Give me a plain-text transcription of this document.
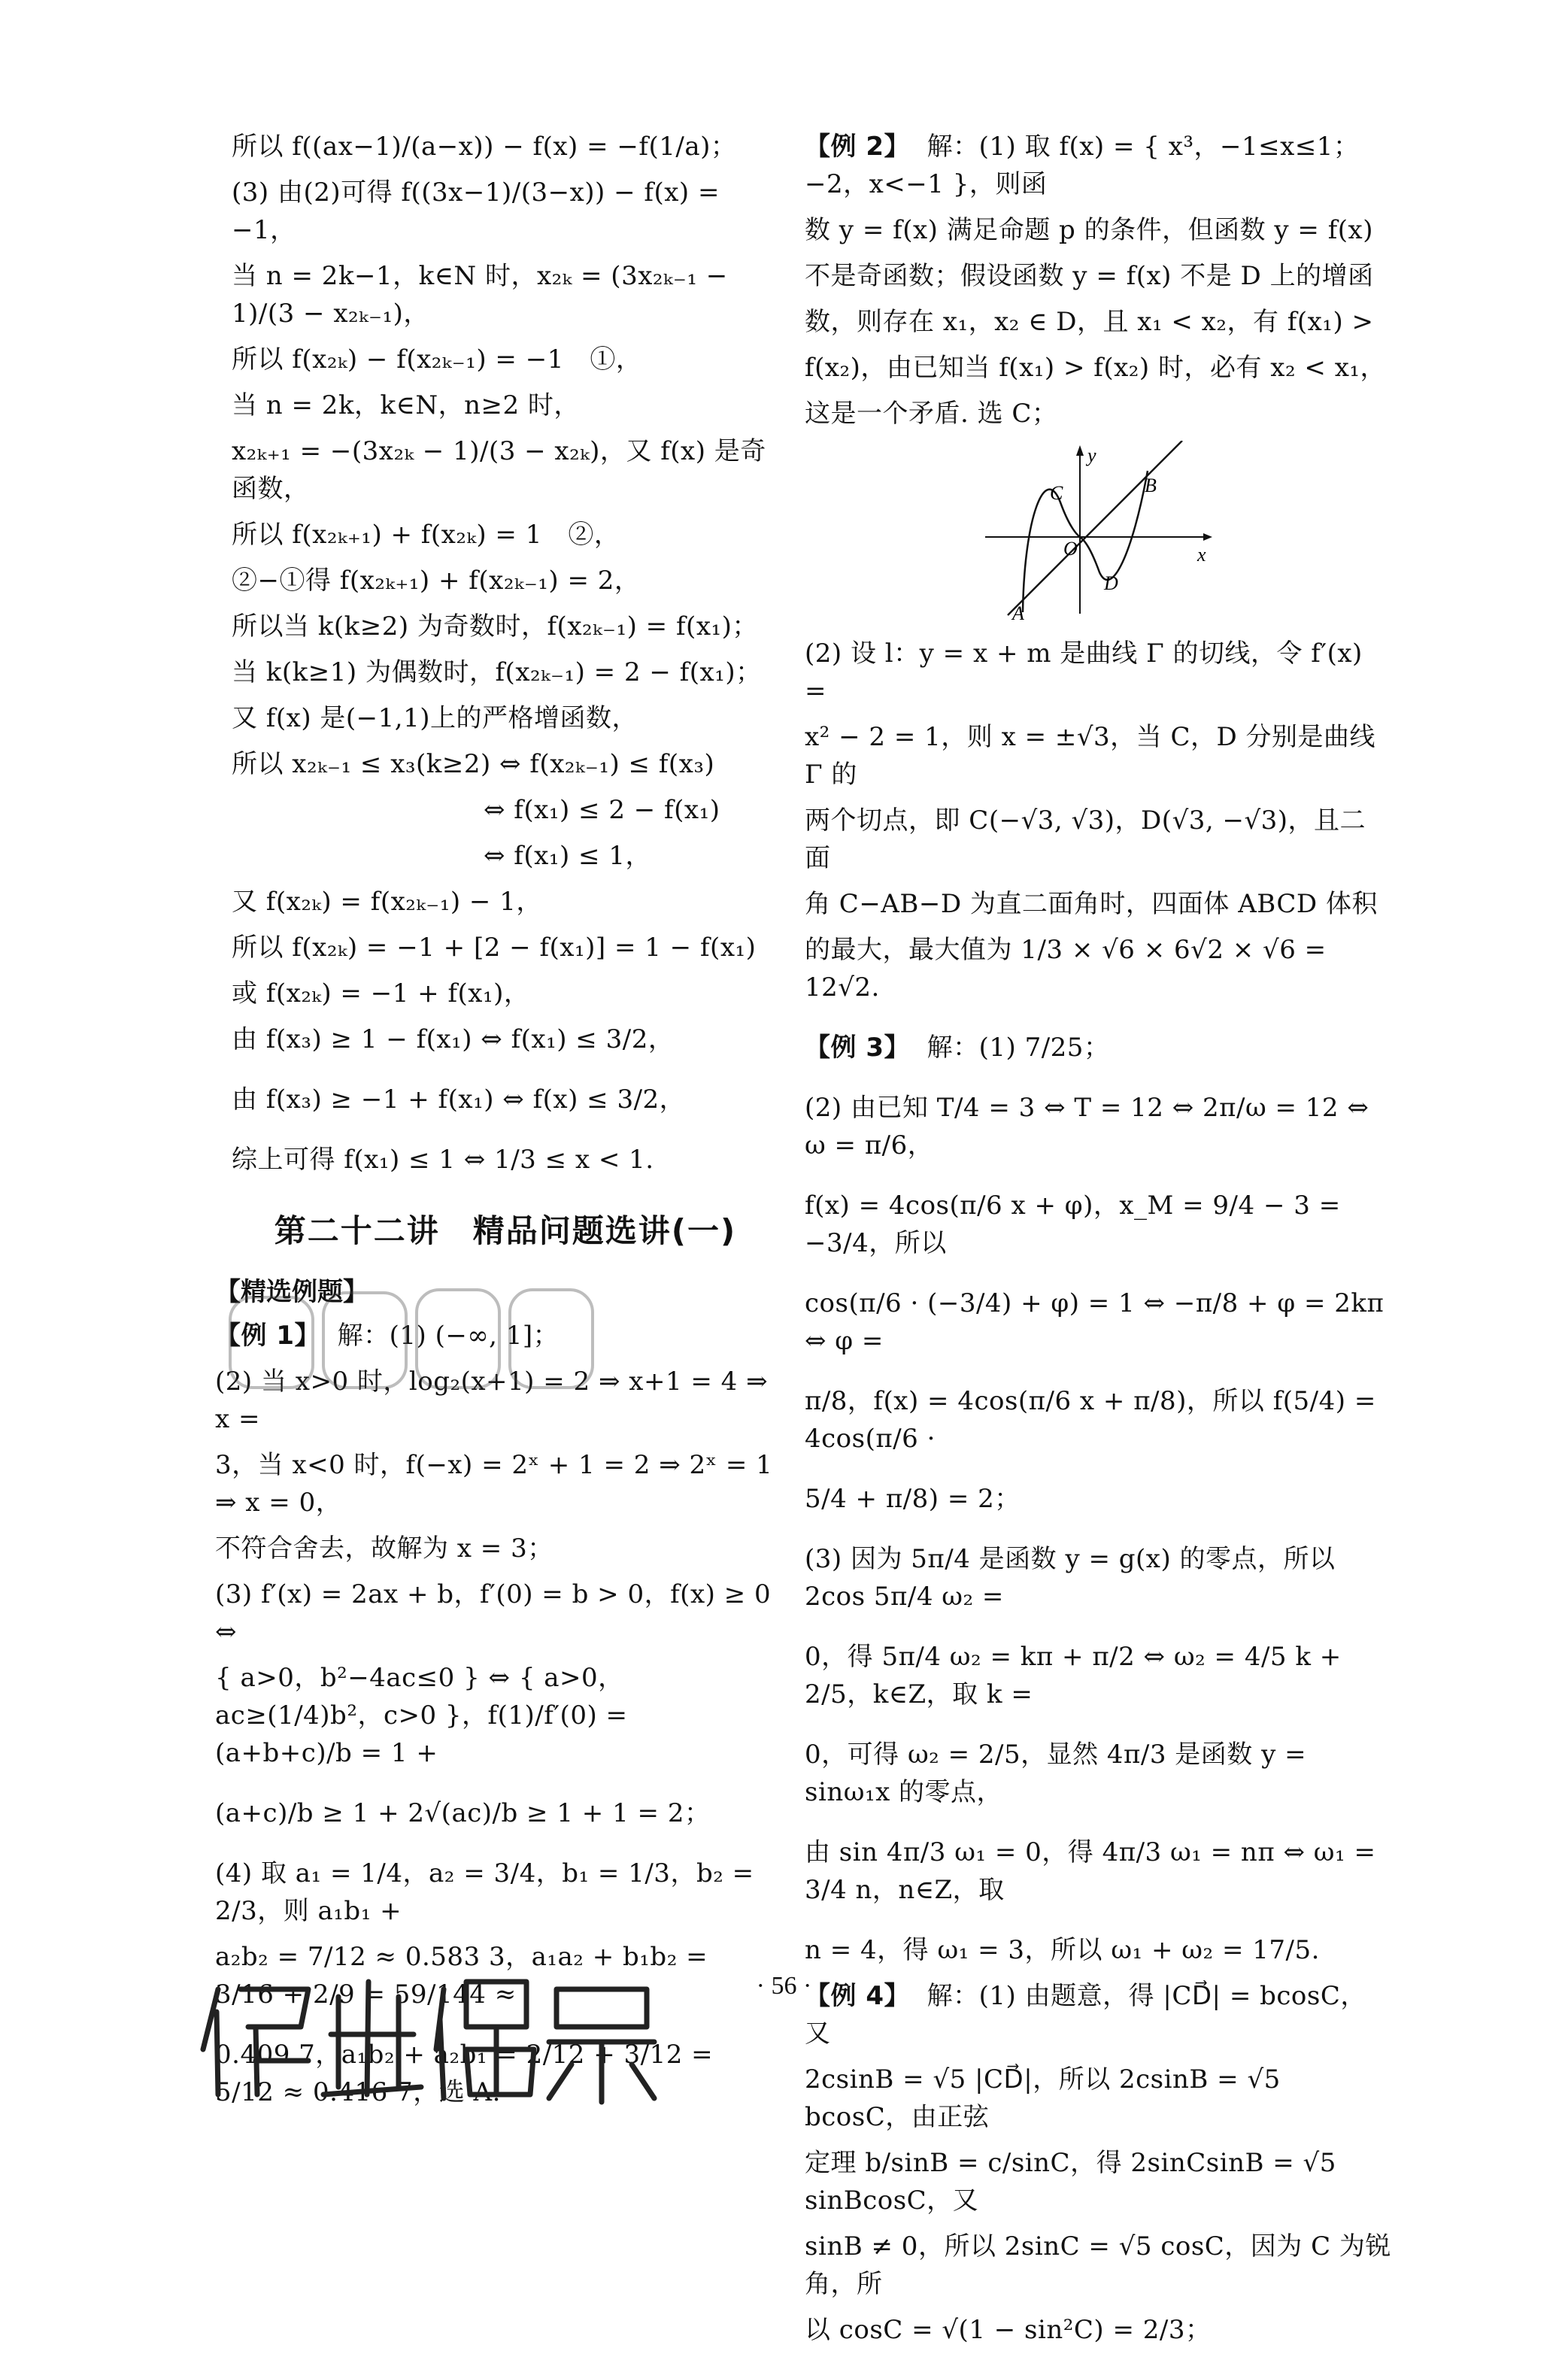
所以 f((ax−1)/(a−x)) − f(x) = −f(1/a)；
(3) 由(2)可得 f((3x−1)/(3−x)) − f(x) = −1，
当 n = 2k−1，k∈N 时，x₂ₖ = (3x₂ₖ₋₁ − 1)/(3 − x₂ₖ₋₁)，
所以 f(x₂ₖ) − f(x₂ₖ₋₁) = −1　①，
当 n = 2k，k∈N，n≥2 时，
x₂ₖ₊₁ = −(3x₂ₖ − 1)/(3 − x₂ₖ)，又 f(x) 是奇函数，
所以 f(x₂ₖ₊₁) + f(x₂ₖ) = 1　②，
②−①得 f(x₂ₖ₊₁) + f(x₂ₖ₋₁) = 2，
所以当 k(k≥2) 为奇数时，f(x₂ₖ₋₁) = f(x₁)；
当 k(k≥1) 为偶数时，f(x₂ₖ₋₁) = 2 − f(x₁)；
又 f(x) 是(−1,1)上的严格增函数，
所以 x₂ₖ₋₁ ≤ x₃(k≥2) ⇔ f(x₂ₖ₋₁) ≤ f(x₃)
⇔ f(x₁) ≤ 2 − f(x₁)
⇔ f(x₁) ≤ 1，
又 f(x₂ₖ) = f(x₂ₖ₋₁) − 1，
所以 f(x₂ₖ) = −1 + [2 − f(x₁)] = 1 − f(x₁)
或 f(x₂ₖ) = −1 + f(x₁)，
由 f(x₃) ≥ 1 − f(x₁) ⇔ f(x₁) ≤ 3/2，
由 f(x₃) ≥ −1 + f(x₁) ⇔ f(x) ≤ 3/2，
综上可得 f(x₁) ≤ 1 ⇔ 1/3 ≤ x < 1.
第二十二讲　精品问题选讲(一)
【精选例题】
【例 1】 解：(1) (−∞, 1]；
(2) 当 x>0 时，log₂(x+1) = 2 ⇒ x+1 = 4 ⇒ x =
3，当 x<0 时，f(−x) = 2ˣ + 1 = 2 ⇒ 2ˣ = 1 ⇒ x = 0，
不符合舍去，故解为 x = 3；
(3) f′(x) = 2ax + b，f′(0) = b > 0，f(x) ≥ 0 ⇔
{ a>0，b²−4ac≤0 } ⇔ { a>0，ac≥(1/4)b²，c>0 }，f(1)/f′(0) = (a+b+c)/b = 1 +
(a+c)/b ≥ 1 + 2√(ac)/b ≥ 1 + 1 = 2；
(4) 取 a₁ = 1/4，a₂ = 3/4，b₁ = 1/3，b₂ = 2/3，则 a₁b₁ +
a₂b₂ = 7/12 ≈ 0.583 3，a₁a₂ + b₁b₂ = 3/16 + 2/9 = 59/144 ≈
0.409 7，a₁b₂ + a₂b₁ = 2/12 + 3/12 = 5/12 ≈ 0.416 7，选 A.
【例 2】 解：(1) 取 f(x) = { x³，−1≤x≤1；−2，x<−1 }，则函
数 y = f(x) 满足命题 p 的条件，但函数 y = f(x)
不是奇函数；假设函数 y = f(x) 不是 D 上的增函
数，则存在 x₁，x₂ ∈ D，且 x₁ < x₂，有 f(x₁) >
f(x₂)，由已知当 f(x₁) > f(x₂) 时，必有 x₂ < x₁，
这是一个矛盾. 选 C；
C	B
O
D
A
y
x
(2) 设 l：y = x + m 是曲线 Γ 的切线，令 f′(x) =
x² − 2 = 1，则 x = ±√3，当 C，D 分别是曲线 Γ 的
两个切点，即 C(−√3, √3)，D(√3, −√3)，且二面
角 C−AB−D 为直二面角时，四面体 ABCD 体积
的最大，最大值为 1/3 × √6 × 6√2 × √6 = 12√2.
【例 3】 解：(1) 7/25；
(2) 由已知 T/4 = 3 ⇔ T = 12 ⇔ 2π/ω = 12 ⇔ ω = π/6，
f(x) = 4cos(π/6 x + φ)，x_M = 9/4 − 3 = −3/4，所以
cos(π/6 · (−3/4) + φ) = 1 ⇔ −π/8 + φ = 2kπ ⇔ φ =
π/8，f(x) = 4cos(π/6 x + π/8)，所以 f(5/4) = 4cos(π/6 ·
5/4 + π/8) = 2；
(3) 因为 5π/4 是函数 y = g(x) 的零点，所以 2cos 5π/4 ω₂ =
0，得 5π/4 ω₂ = kπ + π/2 ⇔ ω₂ = 4/5 k + 2/5，k∈Z，取 k =
0，可得 ω₂ = 2/5，显然 4π/3 是函数 y = sinω₁x 的零点，
由 sin 4π/3 ω₁ = 0，得 4π/3 ω₁ = nπ ⇔ ω₁ = 3/4 n，n∈Z，取
n = 4，得 ω₁ = 3，所以 ω₁ + ω₂ = 17/5.
【例 4】 解：(1) 由题意，得 |CD⃗| = bcosC，又
2csinB = √5 |CD⃗|，所以 2csinB = √5 bcosC，由正弦
定理 b/sinB = c/sinC，得 2sinCsinB = √5 sinBcosC，又
sinB ≠ 0，所以 2sinC = √5 cosC，因为 C 为锐角，所
以 cosC = √(1 − sin²C) = 2/3；
· 56 ·
